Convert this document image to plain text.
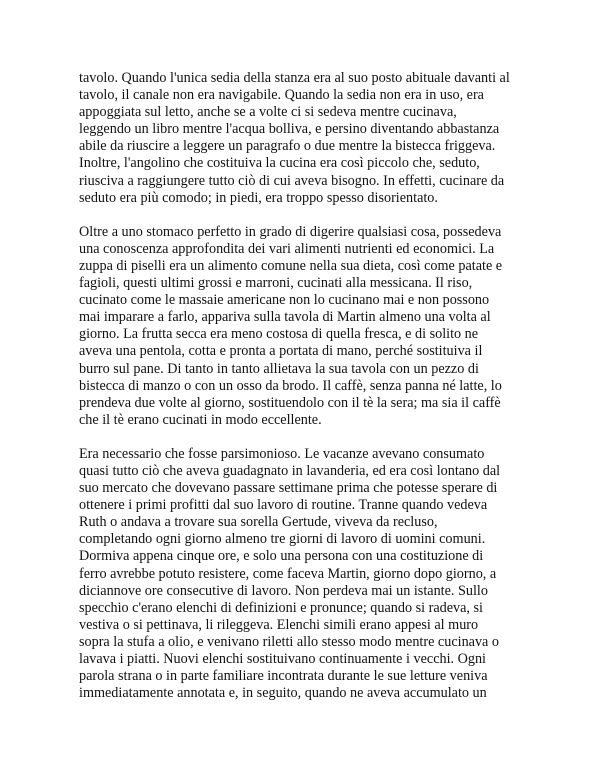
tavolo. Quando l'unica sedia della stanza era al suo posto abituale davanti al
tavolo, il canale non era navigabile. Quando la sedia non era in uso, era
appoggiata sul letto, anche se a volte ci si sedeva mentre cucinava,
leggendo un libro mentre l'acqua bolliva, e persino diventando abbastanza
abile da riuscire a leggere un paragrafo o due mentre la bistecca friggeva.
Inoltre, l'angolino che costituiva la cucina era così piccolo che, seduto,
riusciva a raggiungere tutto ciò di cui aveva bisogno. In effetti, cucinare da
seduto era più comodo; in piedi, era troppo spesso disorientato.
Oltre a uno stomaco perfetto in grado di digerire qualsiasi cosa, possedeva
una conoscenza approfondita dei vari alimenti nutrienti ed economici. La
zuppa di piselli era un alimento comune nella sua dieta, così come patate e
fagioli, questi ultimi grossi e marroni, cucinati alla messicana. Il riso,
cucinato come le massaie americane non lo cucinano mai e non possono
mai imparare a farlo, appariva sulla tavola di Martin almeno una volta al
giorno. La frutta secca era meno costosa di quella fresca, e di solito ne
aveva una pentola, cotta e pronta a portata di mano, perché sostituiva il
burro sul pane. Di tanto in tanto allietava la sua tavola con un pezzo di
bistecca di manzo o con un osso da brodo. Il caffè, senza panna né latte, lo
prendeva due volte al giorno, sostituendolo con il tè la sera; ma sia il caffè
che il tè erano cucinati in modo eccellente.
Era necessario che fosse parsimonioso. Le vacanze avevano consumato
quasi tutto ciò che aveva guadagnato in lavanderia, ed era così lontano dal
suo mercato che dovevano passare settimane prima che potesse sperare di
ottenere i primi profitti dal suo lavoro di routine. Tranne quando vedeva
Ruth o andava a trovare sua sorella Gertude, viveva da recluso,
completando ogni giorno almeno tre giorni di lavoro di uomini comuni.
Dormiva appena cinque ore, e solo una persona con una costituzione di
ferro avrebbe potuto resistere, come faceva Martin, giorno dopo giorno, a
diciannove ore consecutive di lavoro. Non perdeva mai un istante. Sullo
specchio c'erano elenchi di definizioni e pronunce; quando si radeva, si
vestiva o si pettinava, li rileggeva. Elenchi simili erano appesi al muro
sopra la stufa a olio, e venivano riletti allo stesso modo mentre cucinava o
lavava i piatti. Nuovi elenchi sostituivano continuamente i vecchi. Ogni
parola strana o in parte familiare incontrata durante le sue letture veniva
immediatamente annotata e, in seguito, quando ne aveva accumulato un
